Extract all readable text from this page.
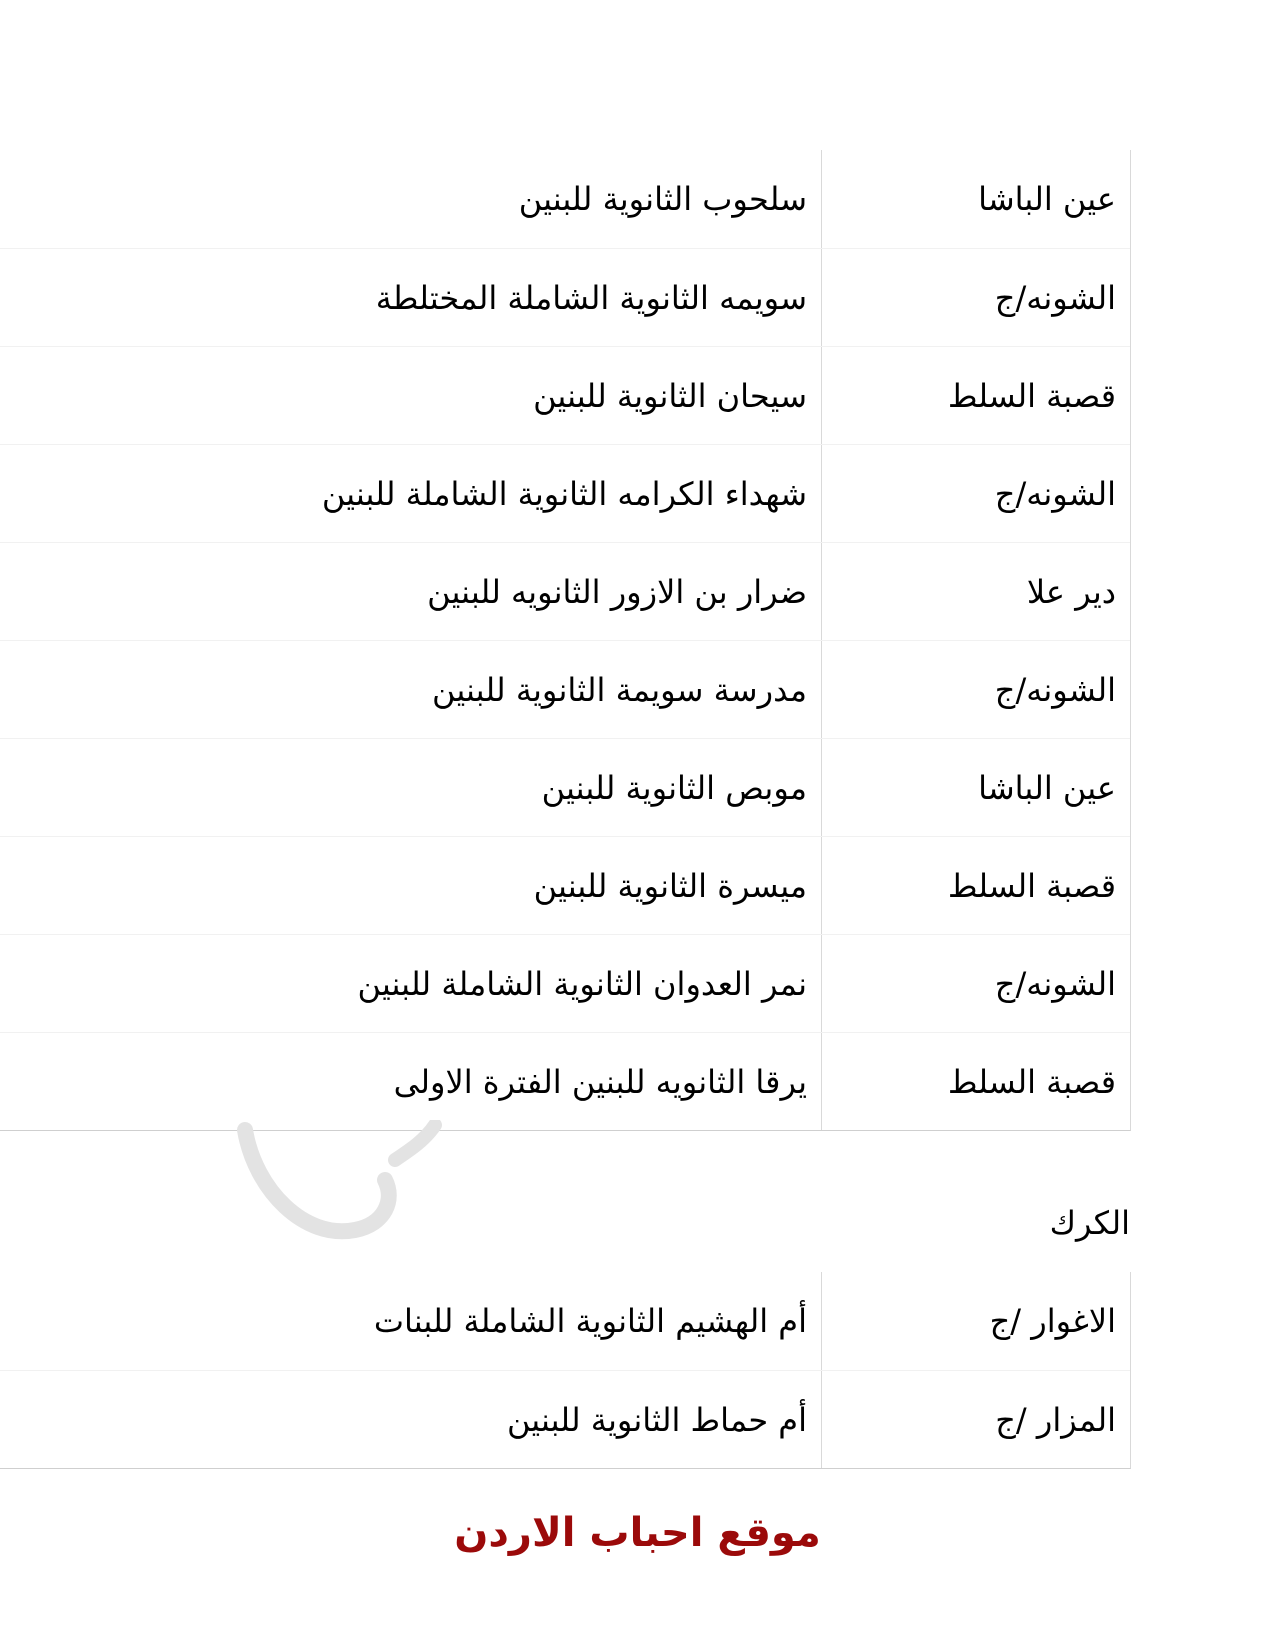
عين الباشا
سلحوب الثانوية للبنين
الشونه/ج
سويمه الثانوية الشاملة المختلطة
قصبة السلط
سيحان الثانوية للبنين
الشونه/ج
شهداء الكرامه الثانوية الشاملة للبنين
دير علا
ضرار بن الازور الثانويه للبنين
الشونه/ج
مدرسة سويمة الثانوية للبنين
عين الباشا
موبص الثانوية للبنين
قصبة السلط
ميسرة الثانوية للبنين
الشونه/ج
نمر العدوان الثانوية الشاملة للبنين
قصبة السلط
يرقا الثانويه للبنين الفترة الاولى
الكرك
الاغوار /ج
أم الهشيم الثانوية الشاملة للبنات
المزار /ج
أم حماط الثانوية للبنين
موقع احباب الاردن
